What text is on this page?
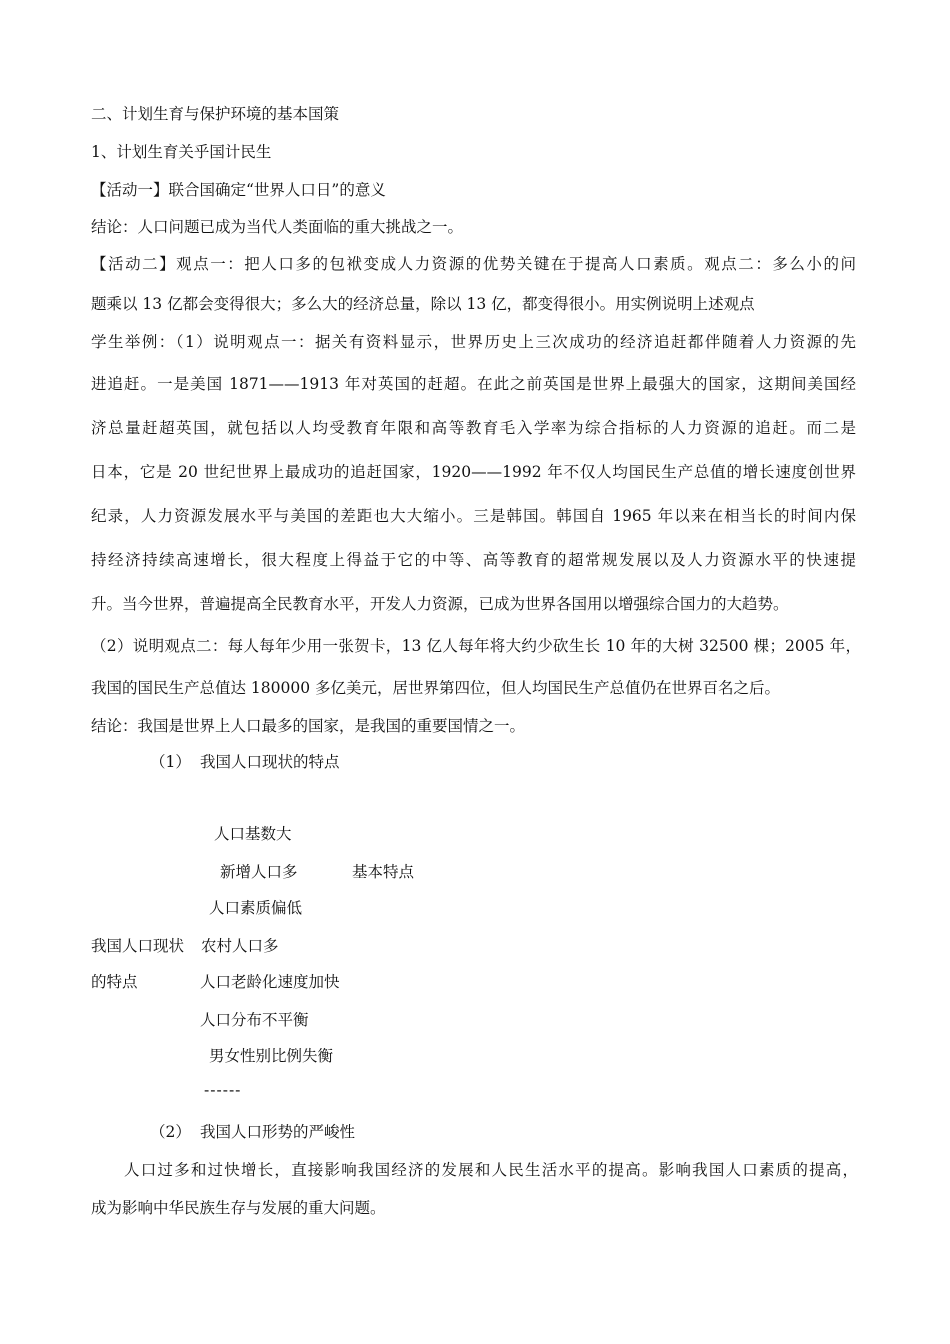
二、计划生育与保护环境的基本国策

1、计划生育关乎国计民生

【活动一】联合国确定“世界人口日”的意义

结论：人口问题已成为当代人类面临的重大挑战之一。

【活动二】观点一：把人口多的包袱变成人力资源的优势关键在于提高人口素质。观点二：多么小的问

题乘以 13 亿都会变得很大；多么大的经济总量，除以 13 亿，都变得很小。用实例说明上述观点

学生举例：（1）说明观点一：据关有资料显示，世界历史上三次成功的经济追赶都伴随着人力资源的先

进追赶。一是美国 1871——1913 年对英国的赶超。在此之前英国是世界上最强大的国家，这期间美国经

济总量赶超英国，就包括以人均受教育年限和高等教育毛入学率为综合指标的人力资源的追赶。而二是

日本，它是 20 世纪世界上最成功的追赶国家，1920——1992 年不仅人均国民生产总值的增长速度创世界

纪录，人力资源发展水平与美国的差距也大大缩小。三是韩国。韩国自 1965 年以来在相当长的时间内保

持经济持续高速增长，很大程度上得益于它的中等、高等教育的超常规发展以及人力资源水平的快速提

升。当今世界，普遍提高全民教育水平，开发人力资源，已成为世界各国用以增强综合国力的大趋势。

（2）说明观点二：每人每年少用一张贺卡，13 亿人每年将大约少砍生长 10 年的大树 32500 棵；2005 年，

我国的国民生产总值达 180000 多亿美元，居世界第四位，但人均国民生产总值仍在世界百名之后。

结论：我国是世界上人口最多的国家，是我国的重要国情之一。

（1） 我国人口现状的特点

我国人口现状

的特点

人口基数大

新增人口多

人口素质偏低

农村人口多

人口老龄化速度加快

人口分布不平衡

男女性别比例失衡

------

基本特点

（2） 我国人口形势的严峻性

人口过多和过快增长，直接影响我国经济的发展和人民生活水平的提高。影响我国人口素质的提高，

成为影响中华民族生存与发展的重大问题。
